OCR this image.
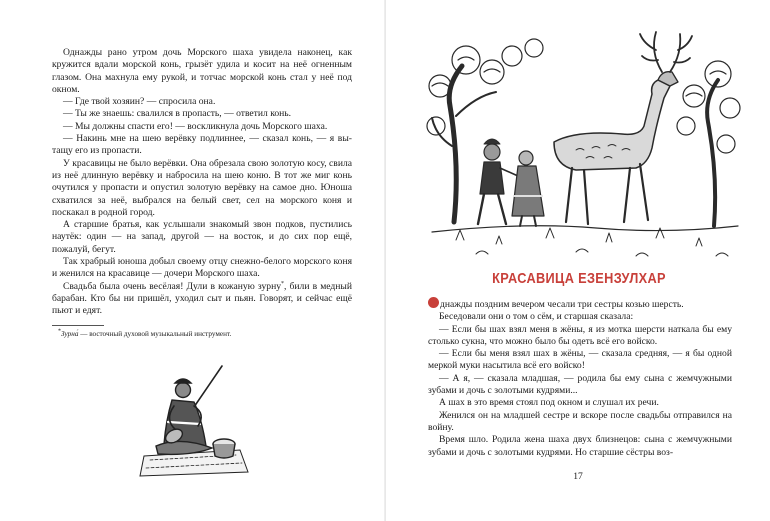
Однажды рано утром дочь Морского шаха увидела наконец, как кружится вдали морской конь, грызёт удила и косит на неё огненным глазом. Она махнула ему рукой, и тотчас морской конь стал у неё под окном.

— Где твой хозяин? — спросила она.

— Ты же знаешь: свалился в пропасть, — ответил конь.

— Мы должны спасти его! — воскликнула дочь Морского шаха.

— Накинь мне на шею верёвку подлиннее, — сказал конь, — я вытащу его из пропасти.

У красавицы не было верёвки. Она обрезала свою золотую косу, свила из неё длинную верёвку и набросила на шею коню. В тот же миг конь очутился у пропасти и опустил золотую верёвку на самое дно. Юноша схватился за неё, выбрался на белый свет, сел на морского коня и поскакал в родной город.

А старшие братья, как услышали знакомый звон подков, пустились наутёк: один — на запад, другой — на восток, и до сих пор ещё, пожалуй, бегут.

Так храбрый юноша добыл своему отцу снежно-белого морского коня и женился на красавице — дочери Морского шаха.

Свадьба была очень весёлая! Дули в кожаную зурну*, били в медный барабан. Кто бы ни пришёл, уходил сыт и пьян. Говорят, и сейчас ещё пьют и едят.

*Зурна́ — восточный духовой музыкальный инструмент.
КРАСАВИЦА ЕЗЕНЗУЛХАР

днажды поздним вечером чесали три сестры козью шерсть.

Беседовали они о том о сём, и старшая сказала:

— Если бы шах взял меня в жёны, я из мотка шерсти наткала бы ему столько сукна, что можно было бы одеть всё его войско.

— Если бы меня взял шах в жёны, — сказала средняя, — я бы одной меркой муки насытила всё его войско!

— А я, — сказала младшая, — родила бы ему сына с жемчужными зубами и дочь с золотыми кудрями...

А шах в это время стоял под окном и слушал их речи.

Женился он на младшей сестре и вскоре после свадьбы отправился на войну.

Время шло. Родила жена шаха двух близнецов: сына с жемчужными зубами и дочь с золотыми кудрями. Но старшие сёстры воз-

17
